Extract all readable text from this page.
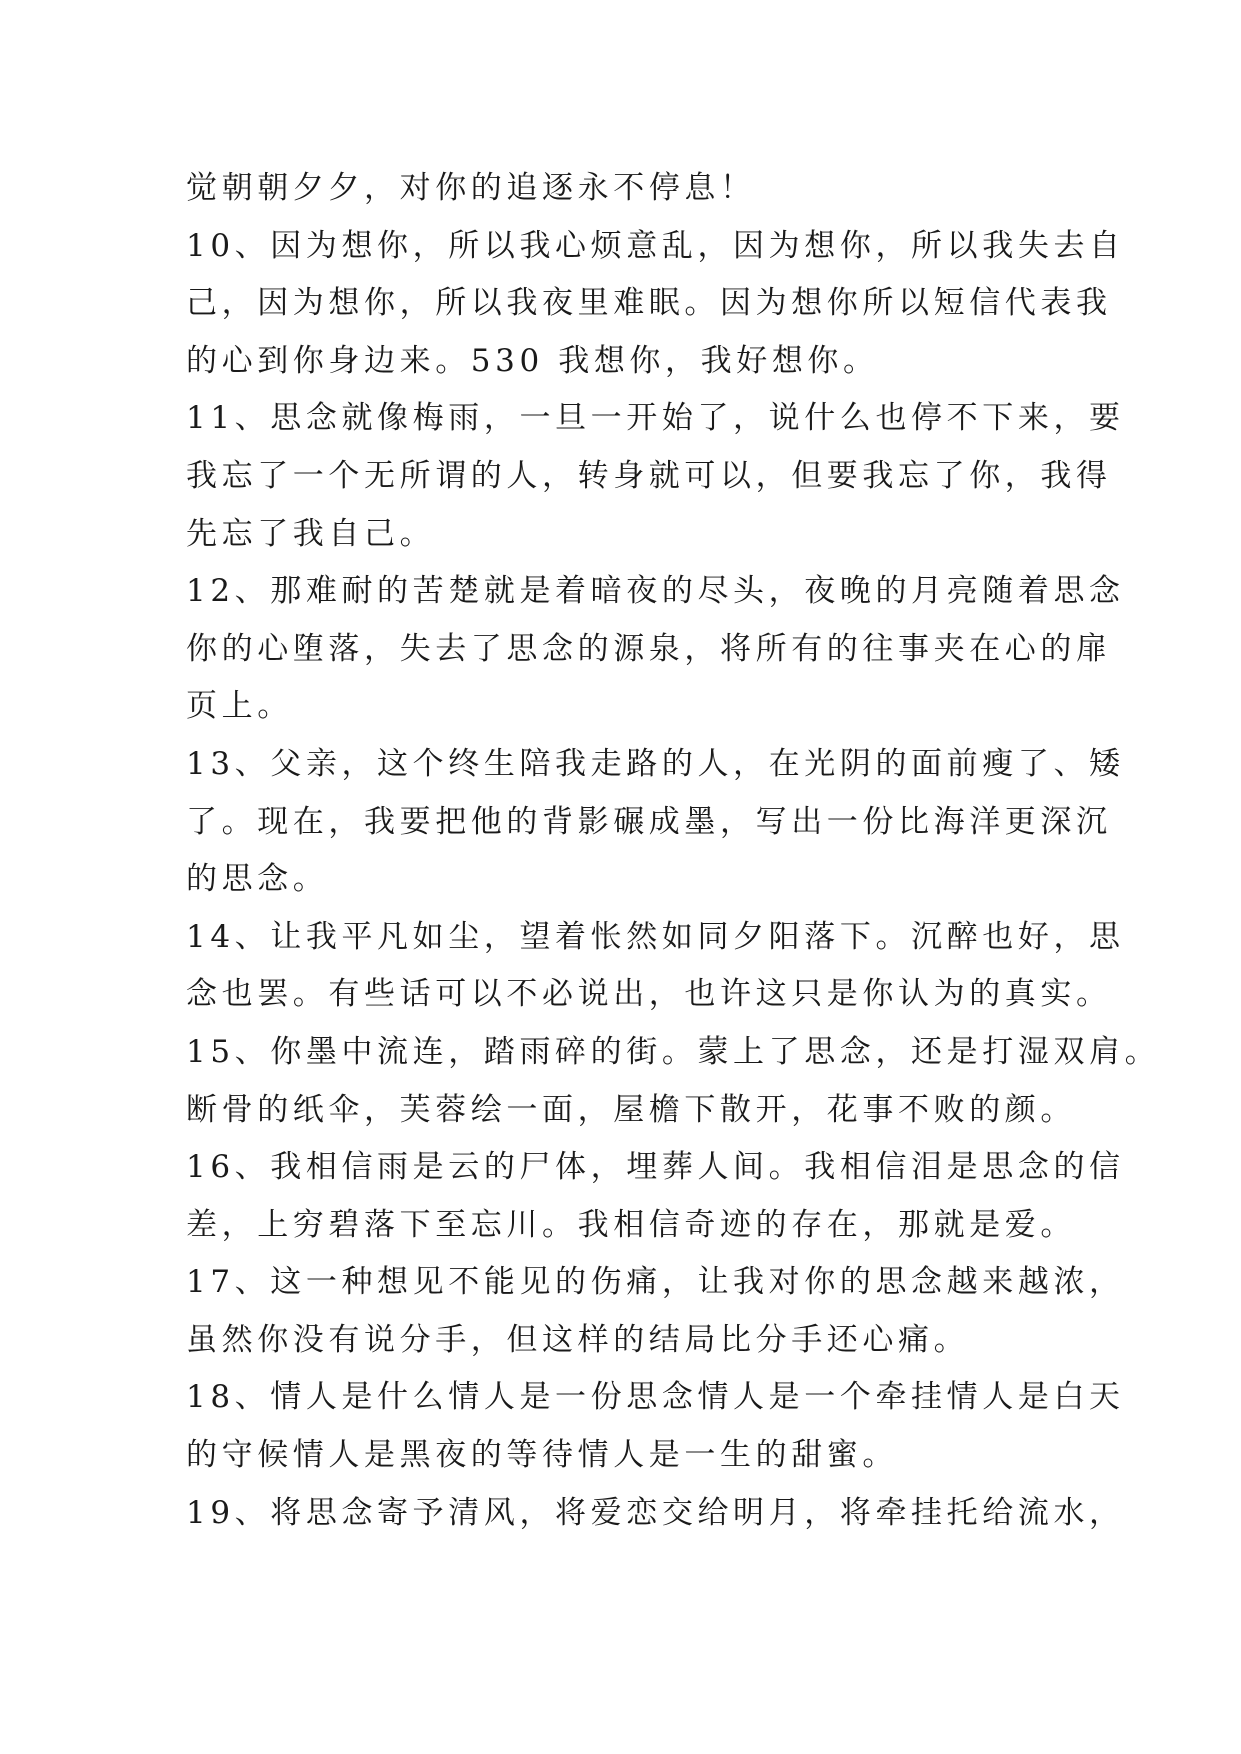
觉朝朝夕夕，对你的追逐永不停息！
10、因为想你，所以我心烦意乱，因为想你，所以我失去自
己，因为想你，所以我夜里难眠。因为想你所以短信代表我
的心到你身边来。530 我想你，我好想你。
11、思念就像梅雨，一旦一开始了，说什么也停不下来，要
我忘了一个无所谓的人，转身就可以，但要我忘了你，我得
先忘了我自己。
12、那难耐的苦楚就是着暗夜的尽头，夜晚的月亮随着思念
你的心堕落，失去了思念的源泉，将所有的往事夹在心的扉
页上。
13、父亲，这个终生陪我走路的人，在光阴的面前瘦了、矮
了。现在，我要把他的背影碾成墨，写出一份比海洋更深沉
的思念。
14、让我平凡如尘，望着怅然如同夕阳落下。沉醉也好，思
念也罢。有些话可以不必说出，也许这只是你认为的真实。
15、你墨中流连，踏雨碎的街。蒙上了思念，还是打湿双肩。
断骨的纸伞，芙蓉绘一面，屋檐下散开，花事不败的颜。
16、我相信雨是云的尸体，埋葬人间。我相信泪是思念的信
差，上穷碧落下至忘川。我相信奇迹的存在，那就是爱。
17、这一种想见不能见的伤痛，让我对你的思念越来越浓，
虽然你没有说分手，但这样的结局比分手还心痛。
18、情人是什么情人是一份思念情人是一个牵挂情人是白天
的守候情人是黑夜的等待情人是一生的甜蜜。
19、将思念寄予清风，将爱恋交给明月，将牵挂托给流水，
